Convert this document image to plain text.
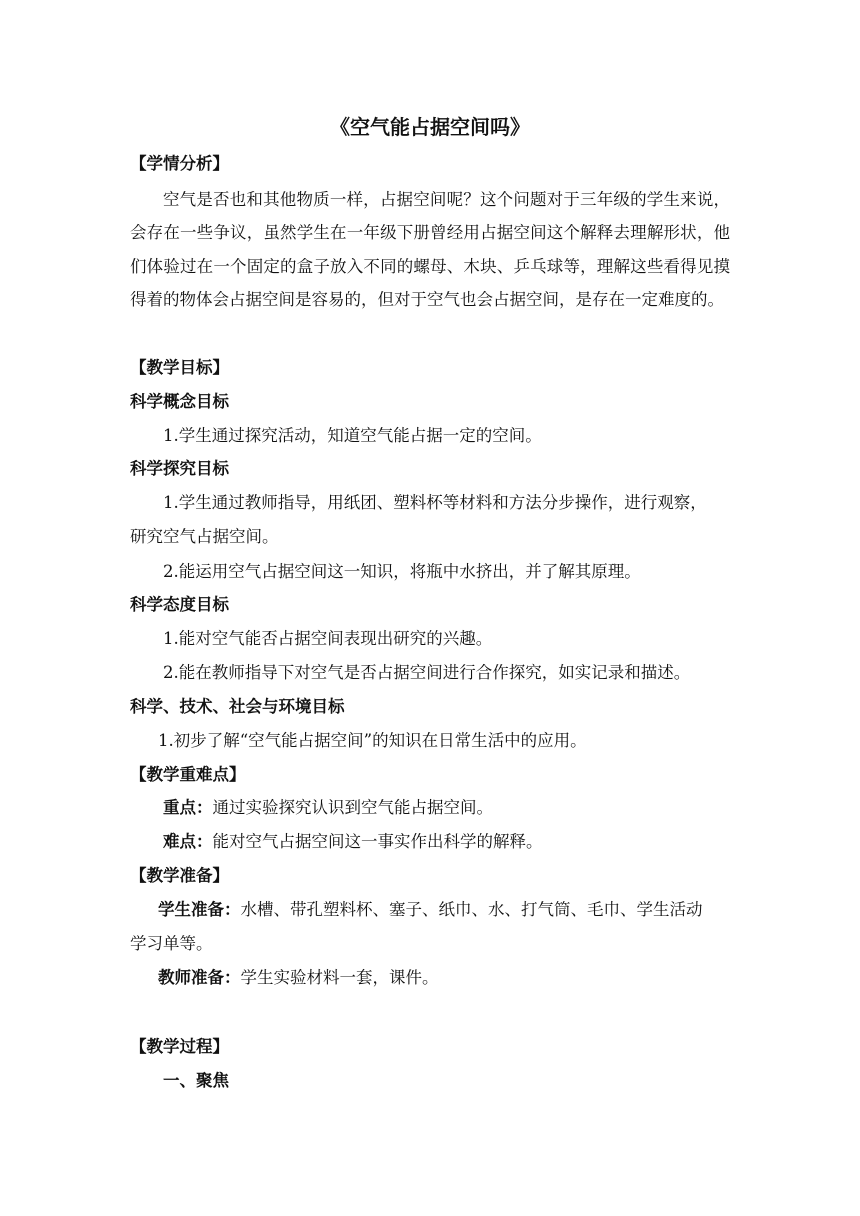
《空气能占据空间吗》
【学情分析】
空气是否也和其他物质一样，占据空间呢？这个问题对于三年级的学生来说，会存在一些争议，虽然学生在一年级下册曾经用占据空间这个解释去理解形状，他们体验过在一个固定的盒子放入不同的螺母、木块、乒乓球等，理解这些看得见摸得着的物体会占据空间是容易的，但对于空气也会占据空间，是存在一定难度的。
【教学目标】
科学概念目标
1.学生通过探究活动，知道空气能占据一定的空间。
科学探究目标
1.学生通过教师指导，用纸团、塑料杯等材料和方法分步操作，进行观察，
研究空气占据空间。
2.能运用空气占据空间这一知识，将瓶中水挤出，并了解其原理。
科学态度目标
1.能对空气能否占据空间表现出研究的兴趣。
2.能在教师指导下对空气是否占据空间进行合作探究，如实记录和描述。
科学、技术、社会与环境目标
1.初步了解“空气能占据空间”的知识在日常生活中的应用。
【教学重难点】
重点：通过实验探究认识到空气能占据空间。
难点：能对空气占据空间这一事实作出科学的解释。
【教学准备】
学生准备：水槽、带孔塑料杯、塞子、纸巾、水、打气筒、毛巾、学生活动
学习单等。
教师准备：学生实验材料一套，课件。
【教学过程】
一、聚焦
